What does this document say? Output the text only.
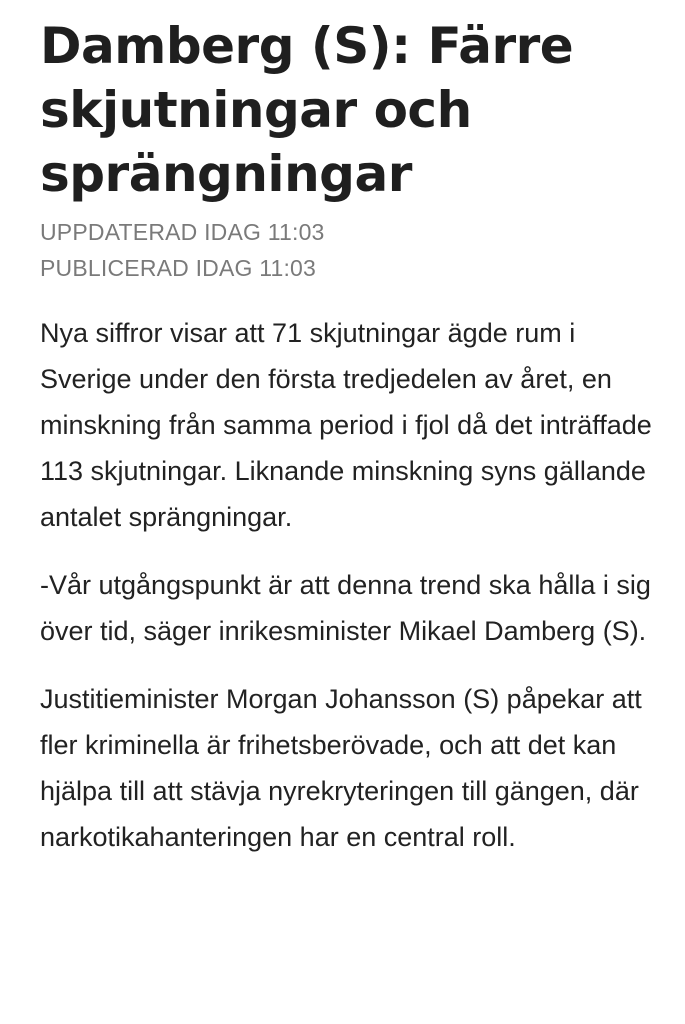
Damberg (S): Färre skjutningar och sprängningar
UPPDATERAD IDAG 11:03
PUBLICERAD IDAG 11:03

Nya siffror visar att 71 skjutningar ägde rum i Sverige under den första tredjedelen av året, en minskning från samma period i fjol då det inträffade 113 skjutningar. Liknande minskning syns gällande antalet sprängningar.

-Vår utgångspunkt är att denna trend ska hålla i sig över tid, säger inrikesminister Mikael Damberg (S).

Justitieminister Morgan Johansson (S) påpekar att fler kriminella är frihetsberövade, och att det kan hjälpa till att stävja nyrekryteringen till gängen, där narkotikahanteringen har en central roll.
